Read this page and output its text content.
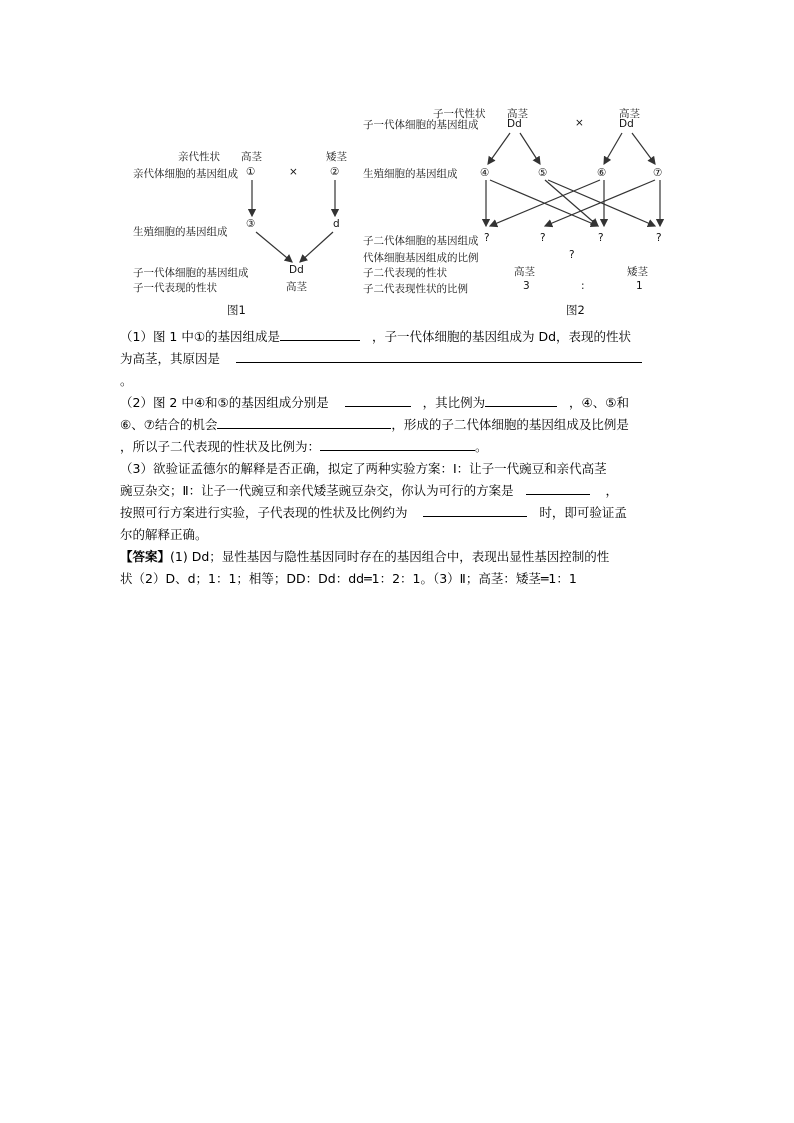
亲代性状 高茎	矮茎
亲代体细胞的基因组成 ①	×	②
生殖细胞的基因组成
③	d
子一代体细胞的基因组成	Dd
子一代表现的性状	高茎
图1
子一代性状
子一代体细胞的基因组成
高茎
Dd	×
高茎
Dd
生殖细胞的基因组成 ④	⑤	⑥	⑦
子二代体细胞的基因组成 ?	?	?	?
代体细胞基因组成的比例	?
子二代表现的性状	高茎	矮茎
子二代表现性状的比例	3	:	1
图2
（1）图 1 中①的基因组成是	，子一代体细胞的基因组成为 Dd，表现的性状
为高茎，其原因是
。
（2）图 2 中④和⑤的基因组成分别是	，其比例为	，④、⑤和
⑥、⑦结合的机会	，形成的子二代体细胞的基因组成及比例是
，所以子二代表现的性状及比例为：	。
（3）欲验证孟德尔的解释是否正确，拟定了两种实验方案：Ⅰ：让子一代豌豆和亲代高茎
豌豆杂交；Ⅱ：让子一代豌豆和亲代矮茎豌豆杂交，你认为可行的方案是	，
按照可行方案进行实验，子代表现的性状及比例约为	时，即可验证孟
尔的解释正确。
【答案】(1) Dd；显性基因与隐性基因同时存在的基因组合中，表现出显性基因控制的性
状（2）D、d；1：1；相等；DD：Dd：dd═1：2：1。（3）Ⅱ；高茎：矮茎═1：1
